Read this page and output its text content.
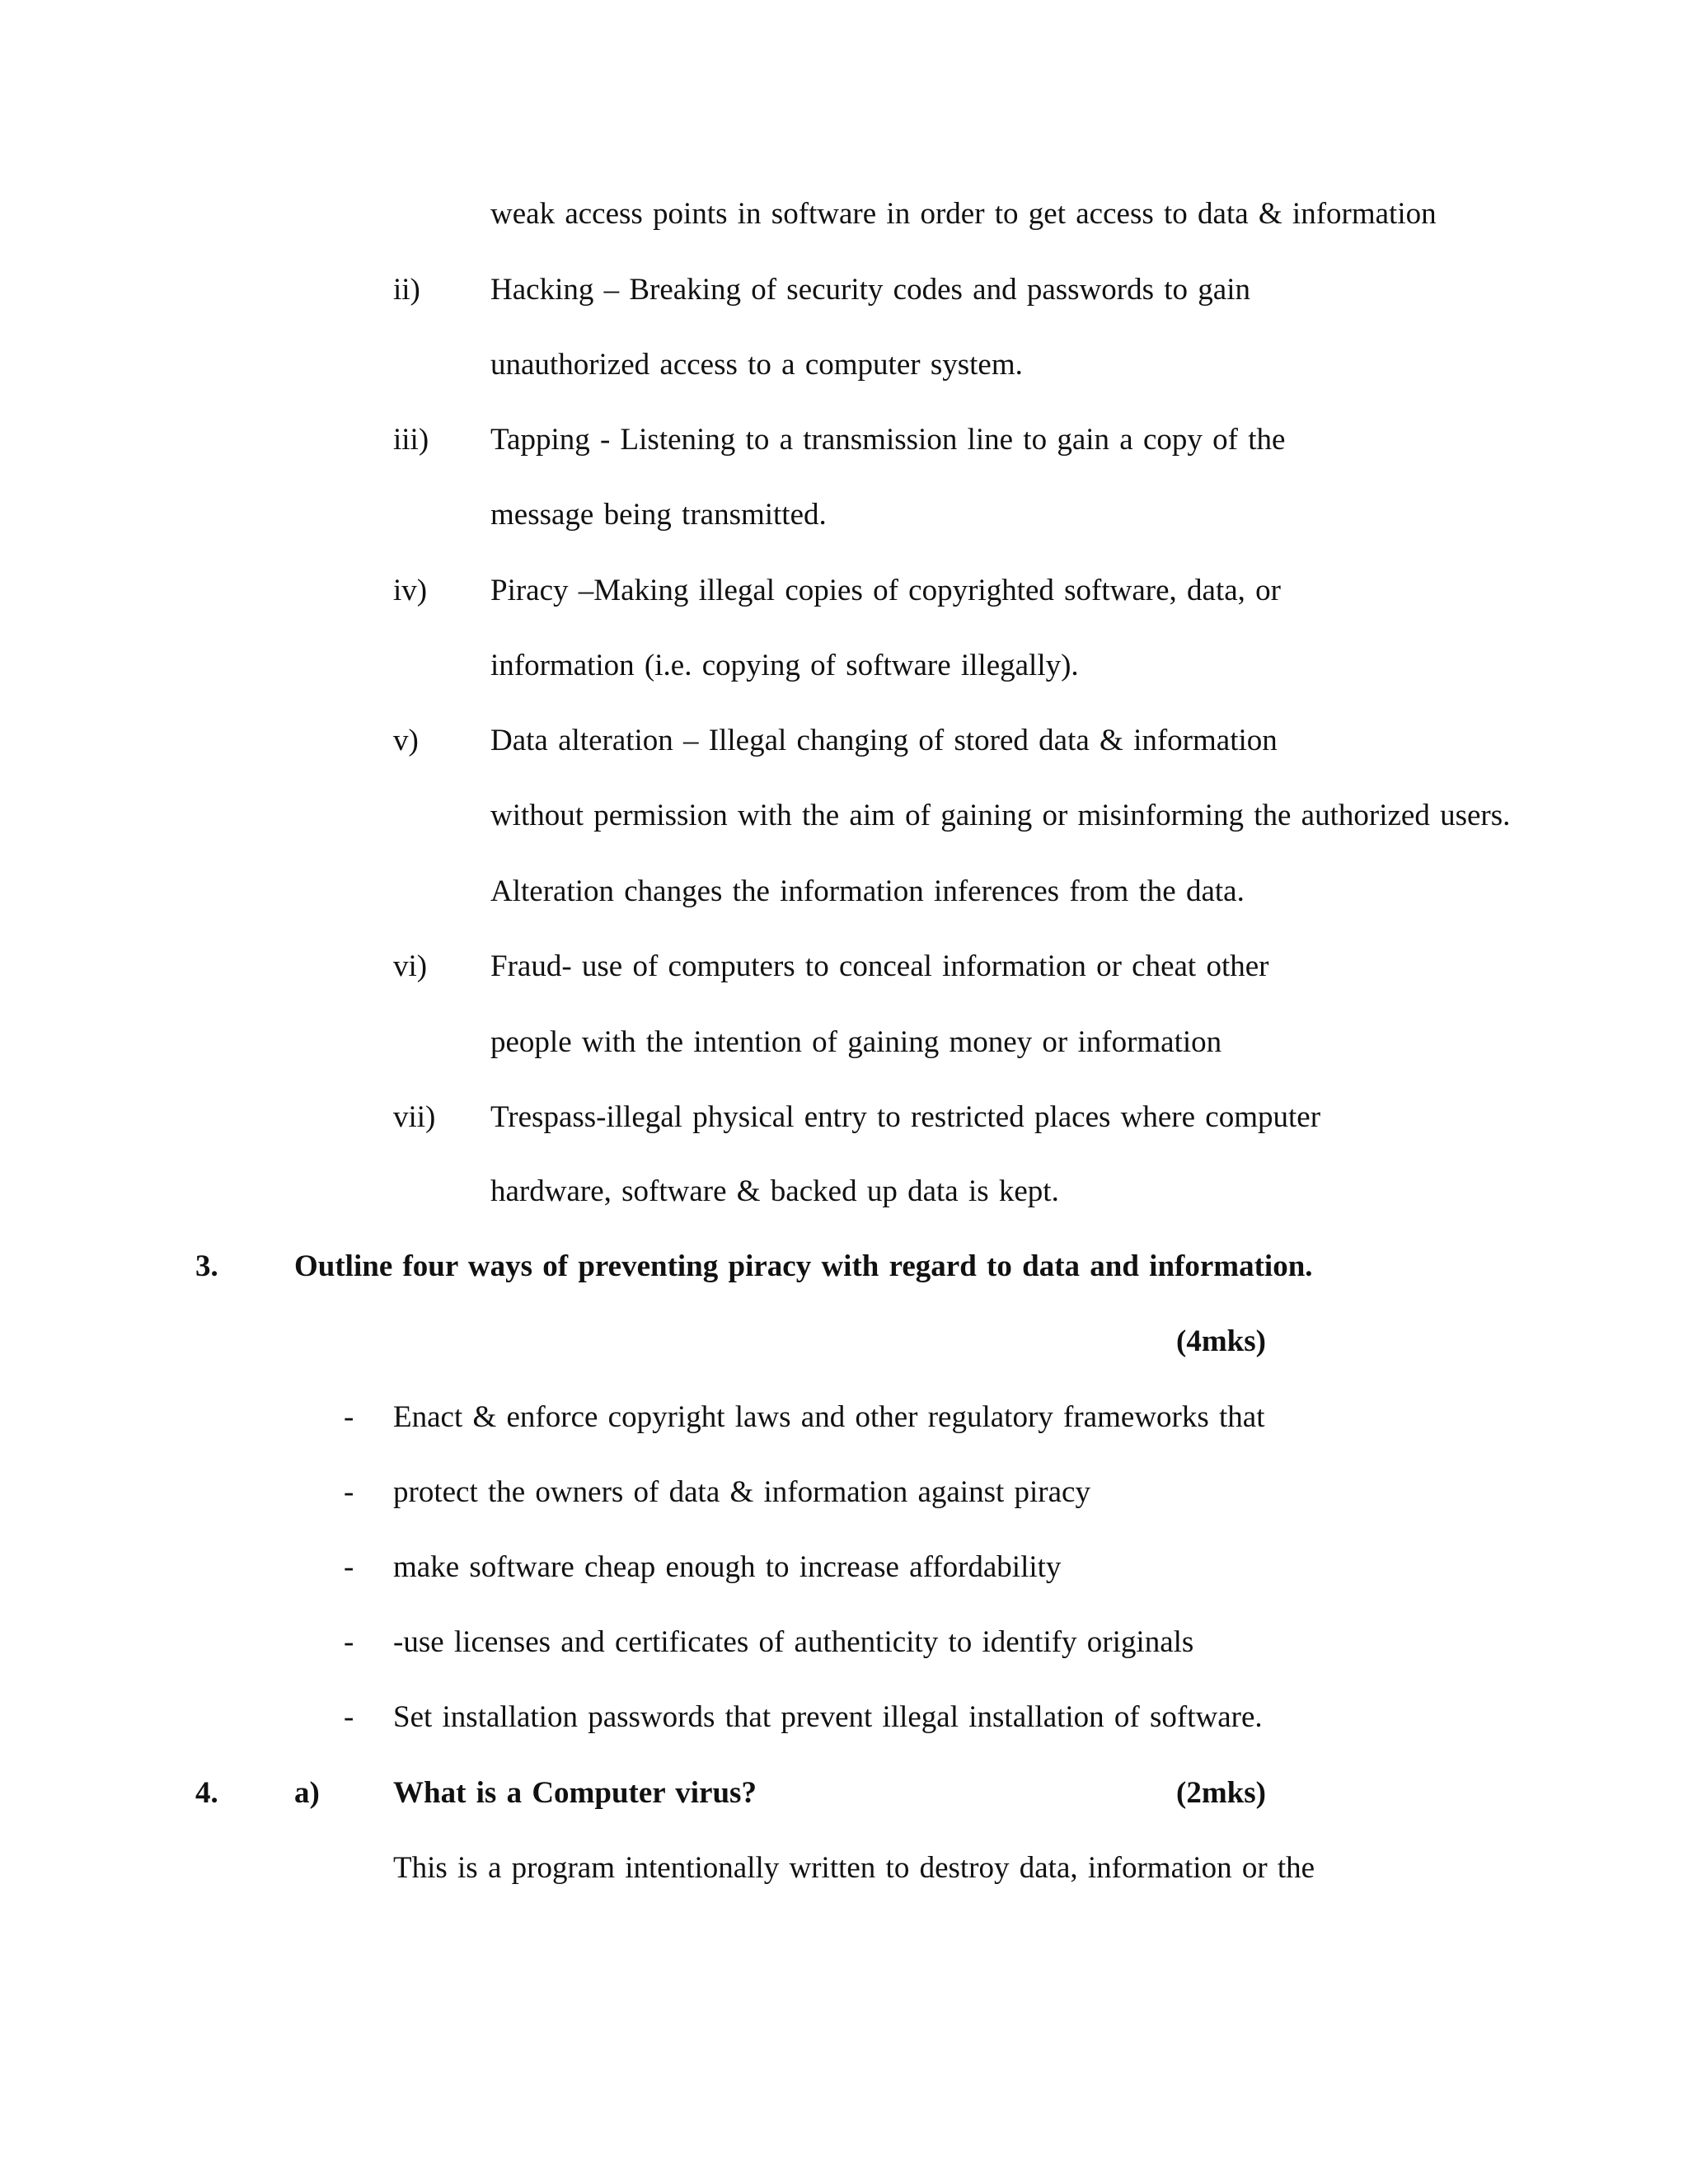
weak access points in software in order to get access to data & information
ii) Hacking – Breaking of security codes and passwords to gain
unauthorized access to a computer system.
iii) Tapping - Listening to a transmission line to gain a copy of the
message being transmitted.
iv) Piracy –Making illegal copies of copyrighted software, data, or
information (i.e. copying of software illegally).
v) Data alteration – Illegal changing of stored data & information
without permission with the aim of gaining or misinforming the authorized users.
Alteration changes the information inferences from the data.
vi) Fraud- use of computers to conceal information or cheat other
people with the intention of gaining money or information
vii) Trespass-illegal physical entry to restricted places where computer
hardware, software & backed up data is kept.
3. Outline four ways of preventing piracy with regard to data and information.
(4mks)
- Enact & enforce copyright laws and other regulatory frameworks that
- protect the owners of data & information against piracy
- make software cheap enough to increase affordability
- -use licenses and certificates of authenticity to identify originals
- Set installation passwords that prevent illegal installation of software.
4. a) What is a Computer virus?	(2mks)
This is a program intentionally written to destroy data, information or the
